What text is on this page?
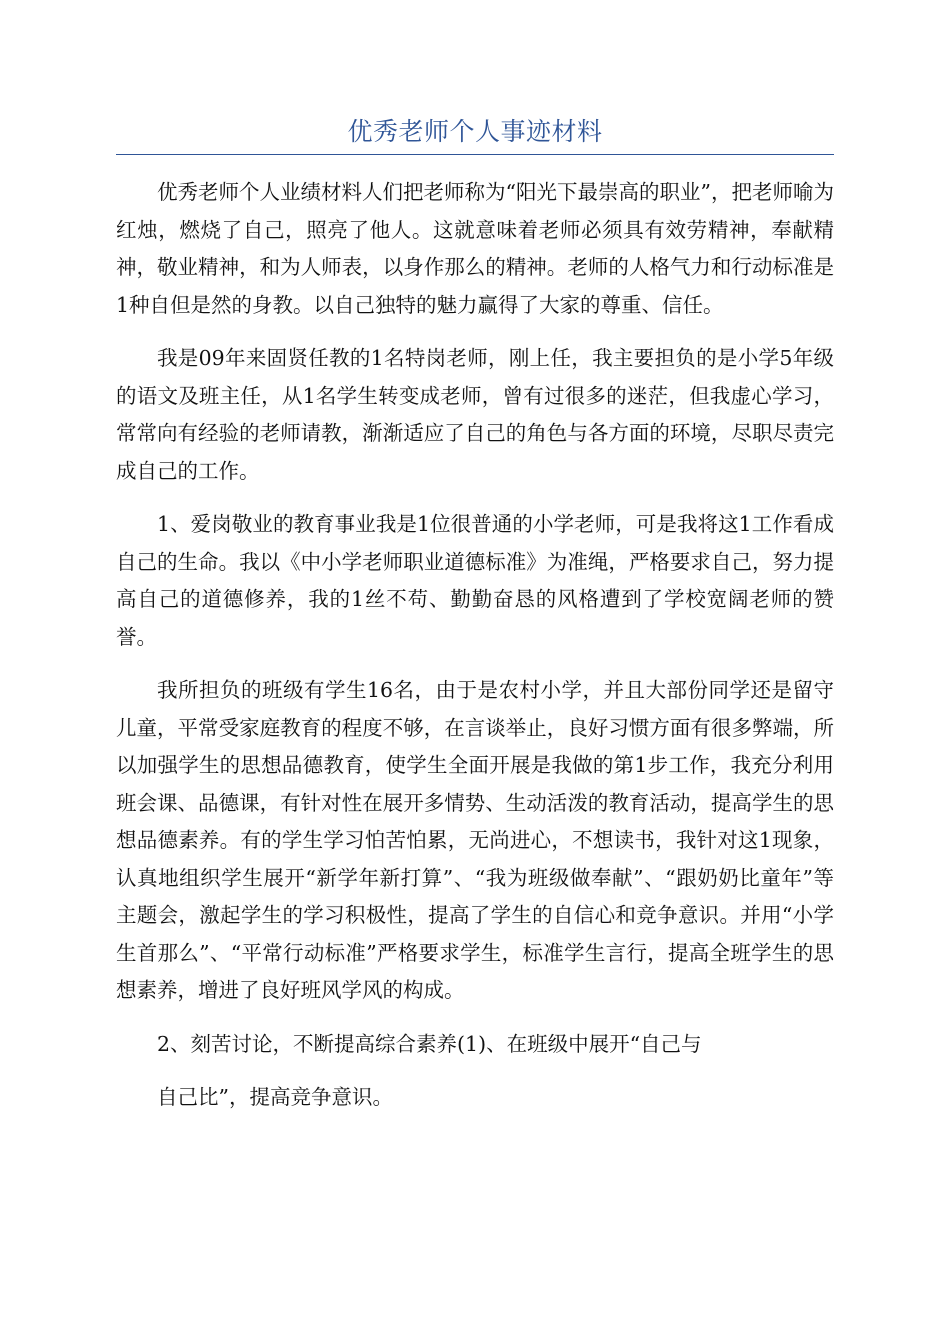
优秀老师个人事迹材料

优秀老师个人业绩材料人们把老师称为“阳光下最崇高的职业”，把老师喻为红烛，燃烧了自己，照亮了他人。这就意味着老师必须具有效劳精神，奉献精神，敬业精神，和为人师表，以身作那么的精神。老师的人格气力和行动标准是1种自但是然的身教。以自己独特的魅力赢得了大家的尊重、信任。

我是09年来固贤任教的1名特岗老师，刚上任，我主要担负的是小学5年级的语文及班主任，从1名学生转变成老师，曾有过很多的迷茫，但我虚心学习，常常向有经验的老师请教，渐渐适应了自己的角色与各方面的环境，尽职尽责完成自己的工作。

1、爱岗敬业的教育事业我是1位很普通的小学老师，可是我将这1工作看成自己的生命。我以《中小学老师职业道德标准》为准绳，严格要求自己，努力提高自己的道德修养，我的1丝不苟、勤勤奋恳的风格遭到了学校宽阔老师的赞誉。

我所担负的班级有学生16名，由于是农村小学，并且大部份同学还是留守儿童，平常受家庭教育的程度不够，在言谈举止，良好习惯方面有很多弊端，所以加强学生的思想品德教育，使学生全面开展是我做的第1步工作，我充分利用班会课、品德课，有针对性在展开多情势、生动活泼的教育活动，提高学生的思想品德素养。有的学生学习怕苦怕累，无尚进心，不想读书，我针对这1现象，认真地组织学生展开“新学年新打算”、“我为班级做奉献”、“跟奶奶比童年”等主题会，激起学生的学习积极性，提高了学生的自信心和竞争意识。并用“小学生首那么”、“平常行动标准”严格要求学生，标准学生言行，提高全班学生的思想素养，增进了良好班风学风的构成。

2、刻苦讨论，不断提高综合素养(1)、在班级中展开“自己与

自己比”，提高竞争意识。
